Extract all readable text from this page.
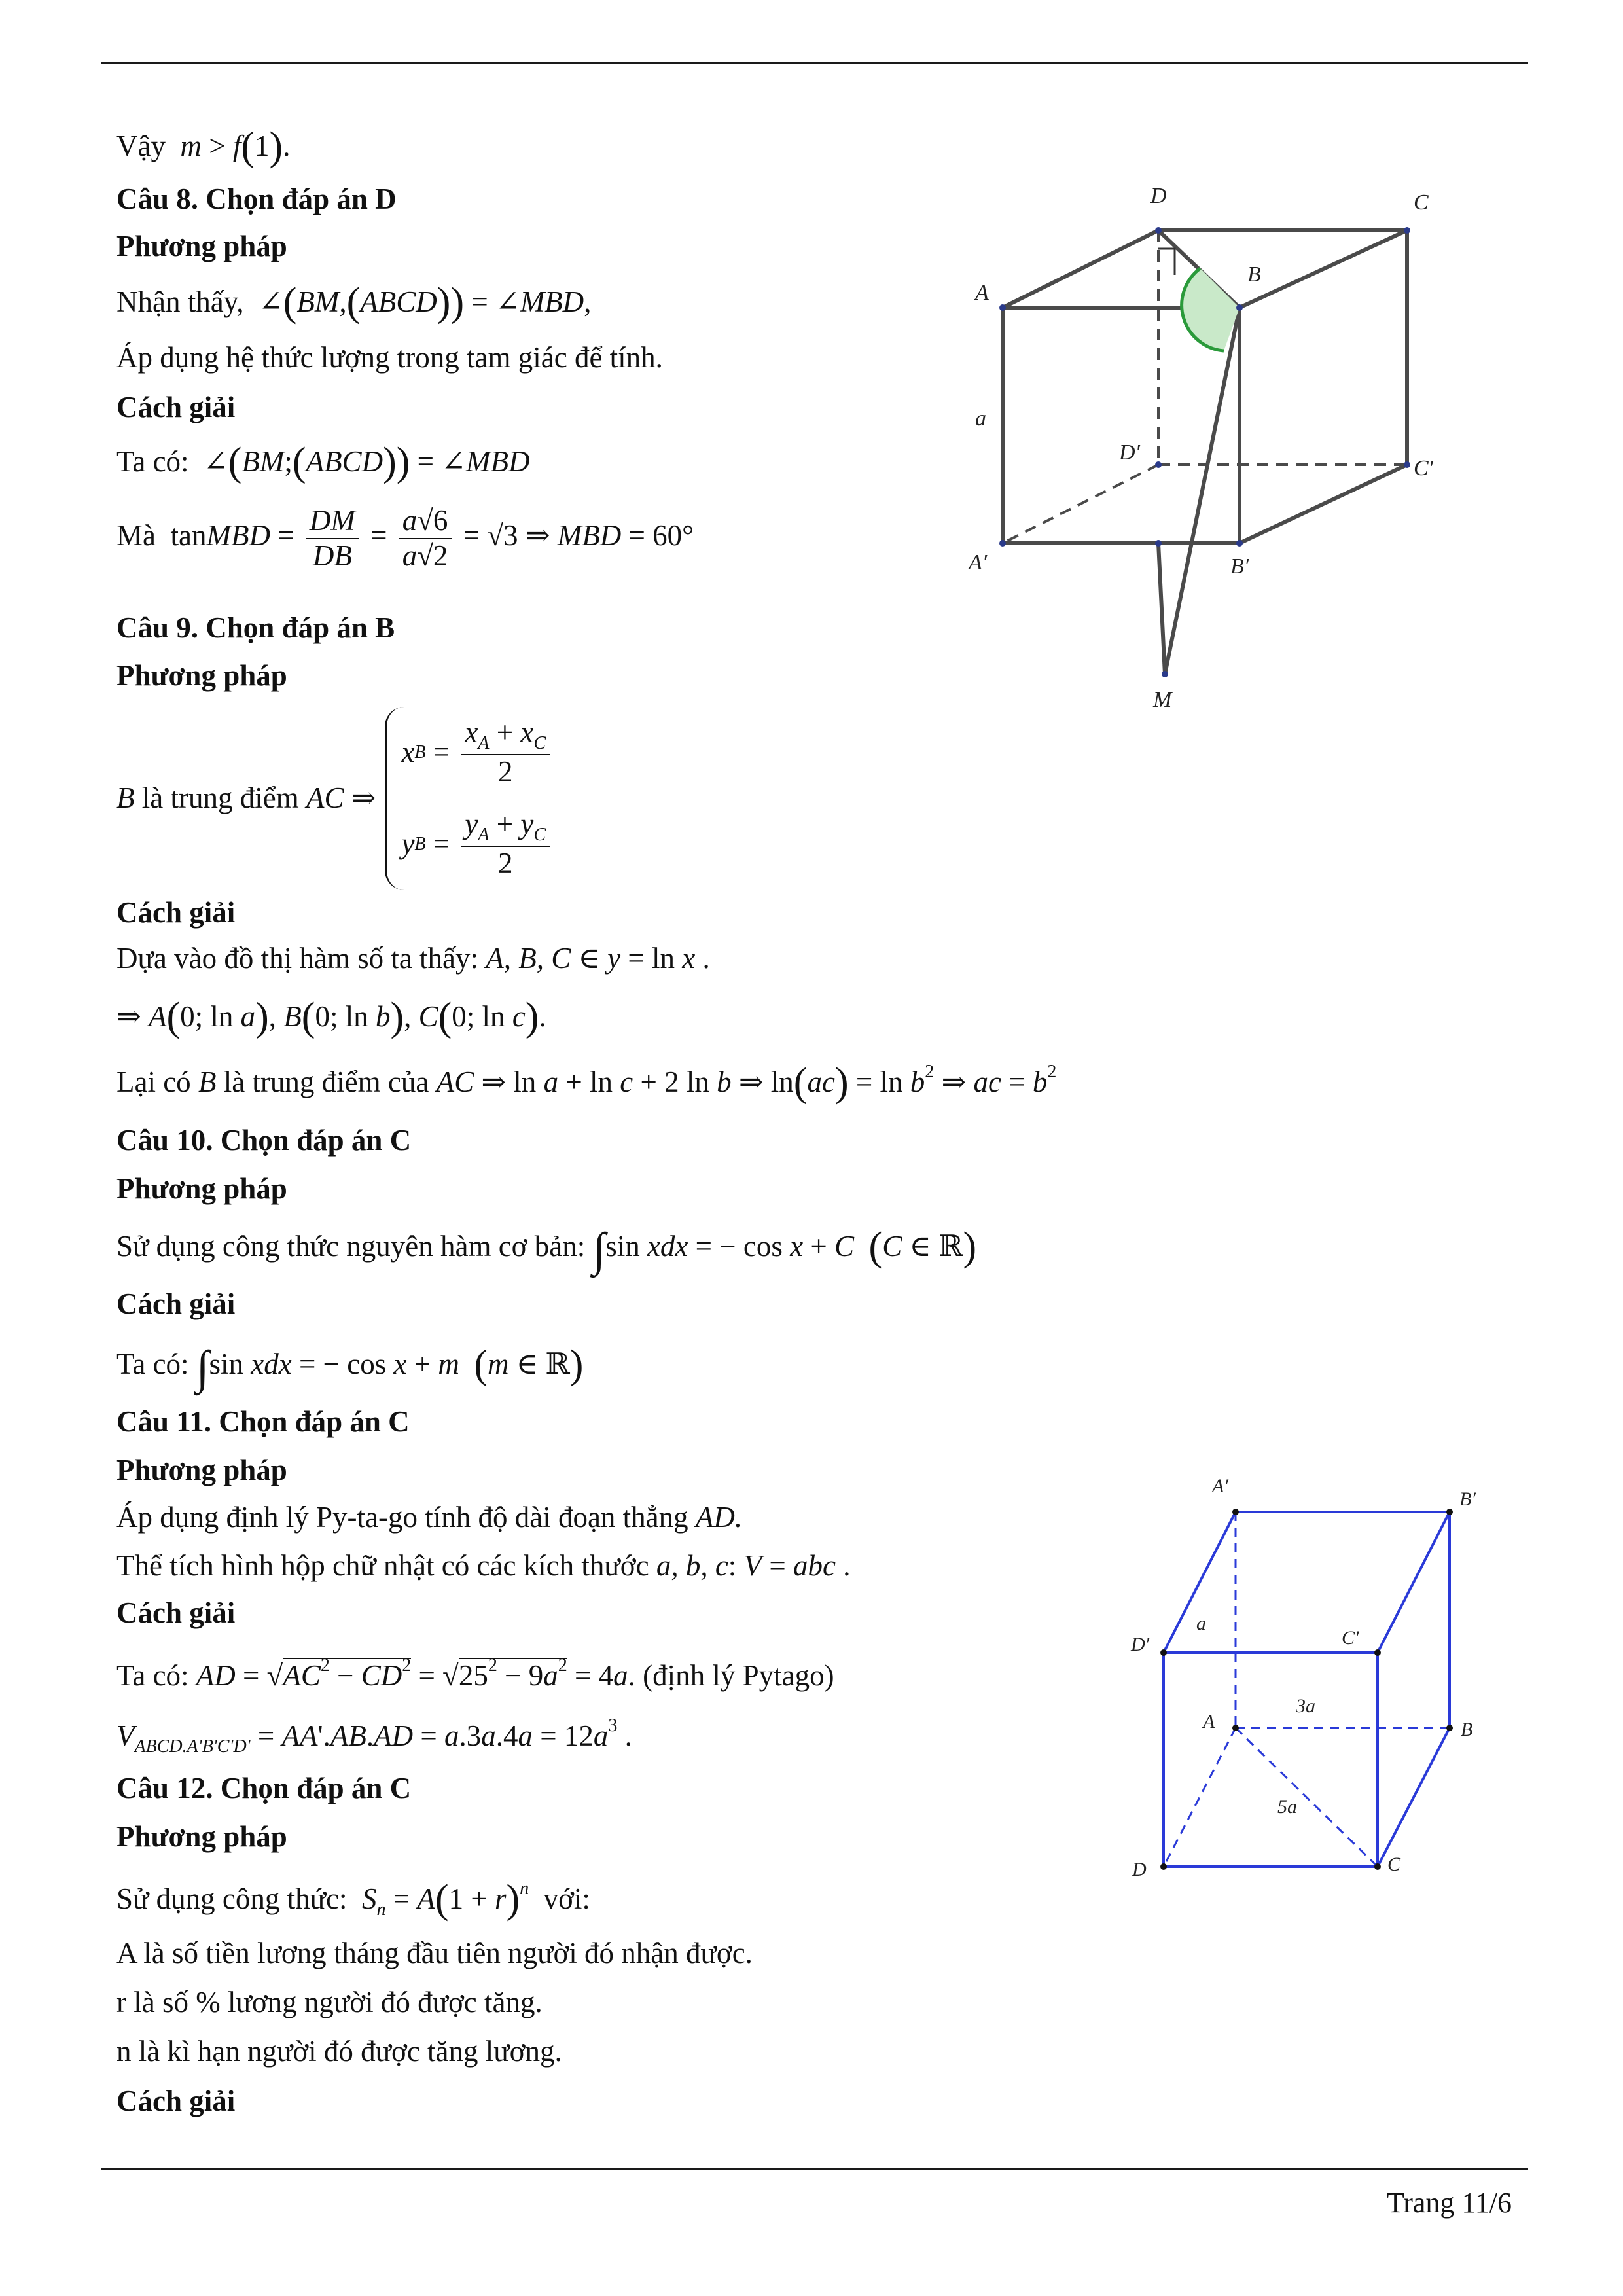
Vậy m > f(1).
Câu 8. Chọn đáp án D
Phương pháp
Nhận thấy,  ∠(BM,(ABCD)) = ∠MBD,
Áp dụng hệ thức lượng trong tam giác để tính.
Cách giải
Ta có:  ∠(BM;(ABCD)) = ∠MBD
Mà  tanMBD = $\frac{DM}{DB} = \frac{a√6}{a√2} = √3$ ⇒ MBD = 60°
D	C
A
B
a
D′
C′
A′	B′
M
Câu 9. Chọn đáp án B
Phương pháp
B
là trung điểm
AC ⇒
x $B = \frac{x_A + x_C}{2}$
y $B = \frac{y_A + y_C}{2}$
Cách giải
Dựa vào đồ thị hàm số ta thấy: A, B, C ∈ y = ln x .
⇒ A(0; ln a), B(0; ln b), C(0; ln c).
Lại có B là trung điểm của AC ⇒ ln a + ln c + 2 ln b ⇒ $\ln(ac) = \ln b^2$ ⇒ ac = $b^2$
Câu 10. Chọn đáp án C
Phương pháp
Sử dụng công thức nguyên hàm cơ bản: ∫sin xdx = − cos x + C (C ∈ ℝ)
Cách giải
Ta có: ∫sin xdx = − cos x + m (m ∈ ℝ)
Câu 11. Chọn đáp án C
Phương pháp
Áp dụng định lý Py-ta-go tính độ dài đoạn thẳng AD.
Thể tích hình hộp chữ nhật có các kích thước a, b, c: V = abc .
Cách giải
Ta có: AD = $√AC^2 - CD^2 = √25^2 - 9a^2 = 4a$. (định lý Pytago)
$V_{ABCD.A'B'C'D'} = AA'.AB.AD = a.3a.4a = 12a^3$ .
A′
B′
D′	C′
a
A
3a
B
5a
D	C
Câu 12. Chọn đáp án C
Phương pháp
Sử dụng công thức: $S_n = A(1 + r)^n$ với:
A là số tiền lương tháng đầu tiên người đó nhận được.
r là số % lương người đó được tăng.
n là kì hạn người đó được tăng lương.
Cách giải
Trang 11/6
